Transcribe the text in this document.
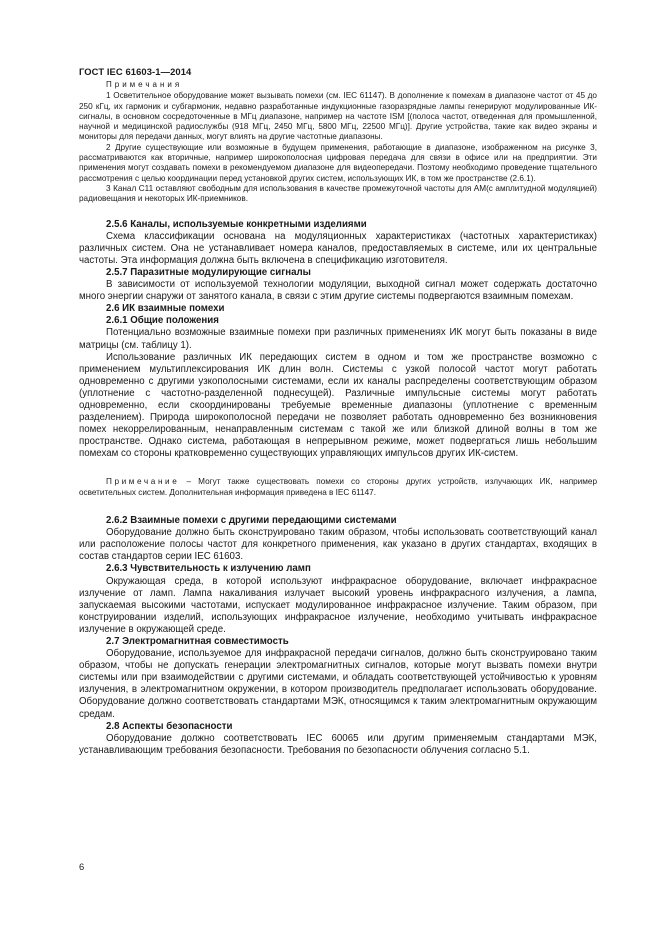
ГОСТ IEC 61603-1—2014

Примечания

1 Осветительное оборудование может вызывать помехи (см. IEC 61147). В дополнение к помехам в диапазоне частот от 45 до 250 кГц, их гармоник и субгармоник, недавно разработанные индукционные газоразрядные лампы генерируют модулированные ИК-сигналы, в основном сосредоточенные в МГц диапазоне, например на частоте ISM [(полоса частот, отведенная для промышленной, научной и медицинской радиослужбы (918 МГц, 2450 МГц, 5800 МГц, 22500 МГц)]. Другие устройства, такие как видео экраны и мониторы для передачи данных, могут влиять на другие частотные диапазоны.

2 Другие существующие или возможные в будущем применения, работающие в диапазоне, изображенном на рисунке 3, рассматриваются как вторичные, например широкополосная цифровая передача для связи в офисе или на предприятии. Эти применения могут создавать помехи в рекомендуемом диапазоне для видеопередачи. Поэтому необходимо проведение тщательного рассмотрения с целью координации перед установкой других систем, использующих ИК, в том же пространстве (2.6.1).

3 Канал С11 оставляют свободным для использования в качестве промежуточной частоты для АМ(с амплитудной модуляцией) радиовещания и некоторых ИК-приемников.

2.5.6 Каналы, используемые конкретными изделиями

Схема классификации основана на модуляционных характеристиках (частотных характеристиках) различных систем. Она не устанавливает номера каналов, предоставляемых в системе, или их центральные частоты. Эта информация должна быть включена в спецификацию изготовителя.

2.5.7 Паразитные модулирующие сигналы

В зависимости от используемой технологии модуляции, выходной сигнал может содержать достаточно много энергии снаружи от занятого канала, в связи с этим другие системы подвергаются взаимным помехам.

2.6 ИК взаимные помехи

2.6.1 Общие положения

Потенциально возможные взаимные помехи при различных применениях ИК могут быть показаны в виде матрицы (см. таблицу 1).

Использование различных ИК передающих систем в одном и том же пространстве возможно с применением мультиплексирования ИК длин волн. Системы с узкой полосой частот могут работать одновременно с другими узкополосными системами, если их каналы распределены соответствующим образом (уплотнение с частотно-разделенной поднесущей). Различные импульсные системы могут работать одновременно, если скоординированы требуемые временные диапазоны (уплотнение с временным разделением). Природа широкополосной передачи не позволяет работать одновременно без возникновения помех некоррелированным, ненаправленным системам с такой же или близкой длиной волны в том же пространстве. Однако система, работающая в непрерывном режиме, может подвергаться лишь небольшим помехам со стороны кратковременно существующих управляющих импульсов других ИК-систем.

Примечание – Могут также существовать помехи со стороны других устройств, излучающих ИК, например осветительных систем. Дополнительная информация приведена в IEC 61147.

2.6.2 Взаимные помехи с другими передающими системами

Оборудование должно быть сконструировано таким образом, чтобы использовать соответствующий канал или расположение полосы частот для конкретного применения, как указано в других стандартах, входящих в состав стандартов серии IEC 61603.

2.6.3 Чувствительность к излучению ламп

Окружающая среда, в которой используют инфракрасное оборудование, включает инфракрасное излучение от ламп. Лампа накаливания излучает высокий уровень инфракрасного излучения, а лампа, запускаемая высокими частотами, испускает модулированное инфракрасное излучение. Таким образом, при конструировании изделий, использующих инфракрасное излучение, необходимо учитывать инфракрасное излучение в окружающей среде.

2.7 Электромагнитная совместимость

Оборудование, используемое для инфракрасной передачи сигналов, должно быть сконструировано таким образом, чтобы не допускать генерации электромагнитных сигналов, которые могут вызвать помехи внутри системы или при взаимодействии с другими системами, и обладать соответствующей устойчивостью к уровням излучения, в электромагнитном окружении, в котором производитель предполагает использовать оборудование. Оборудование должно соответствовать стандартами МЭК, относящимся к таким электромагнитным окружающим средам.

2.8 Аспекты безопасности

Оборудование должно соответствовать IEC 60065 или другим применяемым стандартами МЭК, устанавливающим требования безопасности. Требования по безопасности облучения согласно 5.1.

6
